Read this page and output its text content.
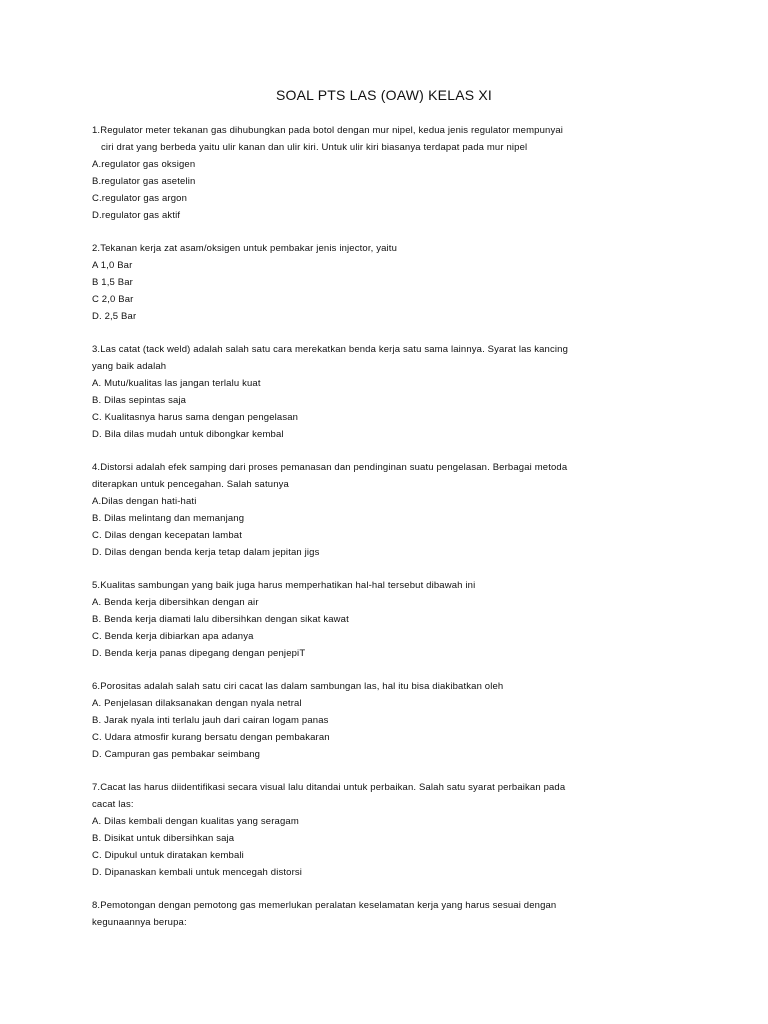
SOAL PTS LAS (OAW) KELAS XI
1.Regulator meter tekanan gas dihubungkan pada botol dengan mur nipel, kedua jenis regulator mempunyai
ciri drat yang berbeda yaitu ulir kanan dan ulir kiri. Untuk ulir kiri biasanya terdapat pada mur nipel
A.regulator gas oksigen
B.regulator gas asetelin
C.regulator gas argon
D.regulator gas aktif
2.Tekanan kerja zat asam/oksigen untuk pembakar jenis injector, yaitu
A 1,0 Bar
B 1,5 Bar
C 2,0 Bar
D. 2,5 Bar
3.Las catat (tack weld) adalah salah satu cara merekatkan benda kerja satu sama lainnya. Syarat las kancing
yang baik adalah
A. Mutu/kualitas las jangan terlalu kuat
B. Dilas sepintas saja
C. Kualitasnya harus sama dengan pengelasan
D. Bila dilas mudah untuk dibongkar kembal
4.Distorsi adalah efek samping dari proses pemanasan dan pendinginan suatu pengelasan. Berbagai metoda
diterapkan untuk pencegahan. Salah satunya
A.Dilas dengan hati-hati
B. Dilas melintang dan memanjang
C. Dilas dengan kecepatan lambat
D. Dilas dengan benda kerja tetap dalam jepitan jigs
5.Kualitas sambungan yang baik juga harus memperhatikan hal-hal tersebut dibawah ini
A. Benda kerja dibersihkan dengan air
B. Benda kerja diamati lalu dibersihkan dengan sikat kawat
C. Benda kerja dibiarkan apa adanya
D. Benda kerja panas dipegang dengan penjepiT
6.Porositas adalah salah satu ciri cacat las dalam sambungan las, hal itu bisa diakibatkan oleh
A. Penjelasan dilaksanakan dengan nyala netral
B. Jarak nyala inti terlalu jauh dari cairan logam panas
C. Udara atmosfir kurang bersatu dengan pembakaran
D. Campuran gas pembakar seimbang
7.Cacat las harus diidentifikasi secara visual lalu ditandai untuk perbaikan. Salah satu syarat perbaikan pada
cacat las:
A. Dilas kembali dengan kualitas yang seragam
B. Disikat untuk dibersihkan saja
C. Dipukul untuk diratakan kembali
D. Dipanaskan kembali untuk mencegah distorsi
8.Pemotongan dengan pemotong gas memerlukan peralatan keselamatan kerja yang harus sesuai dengan
kegunaannya berupa:
